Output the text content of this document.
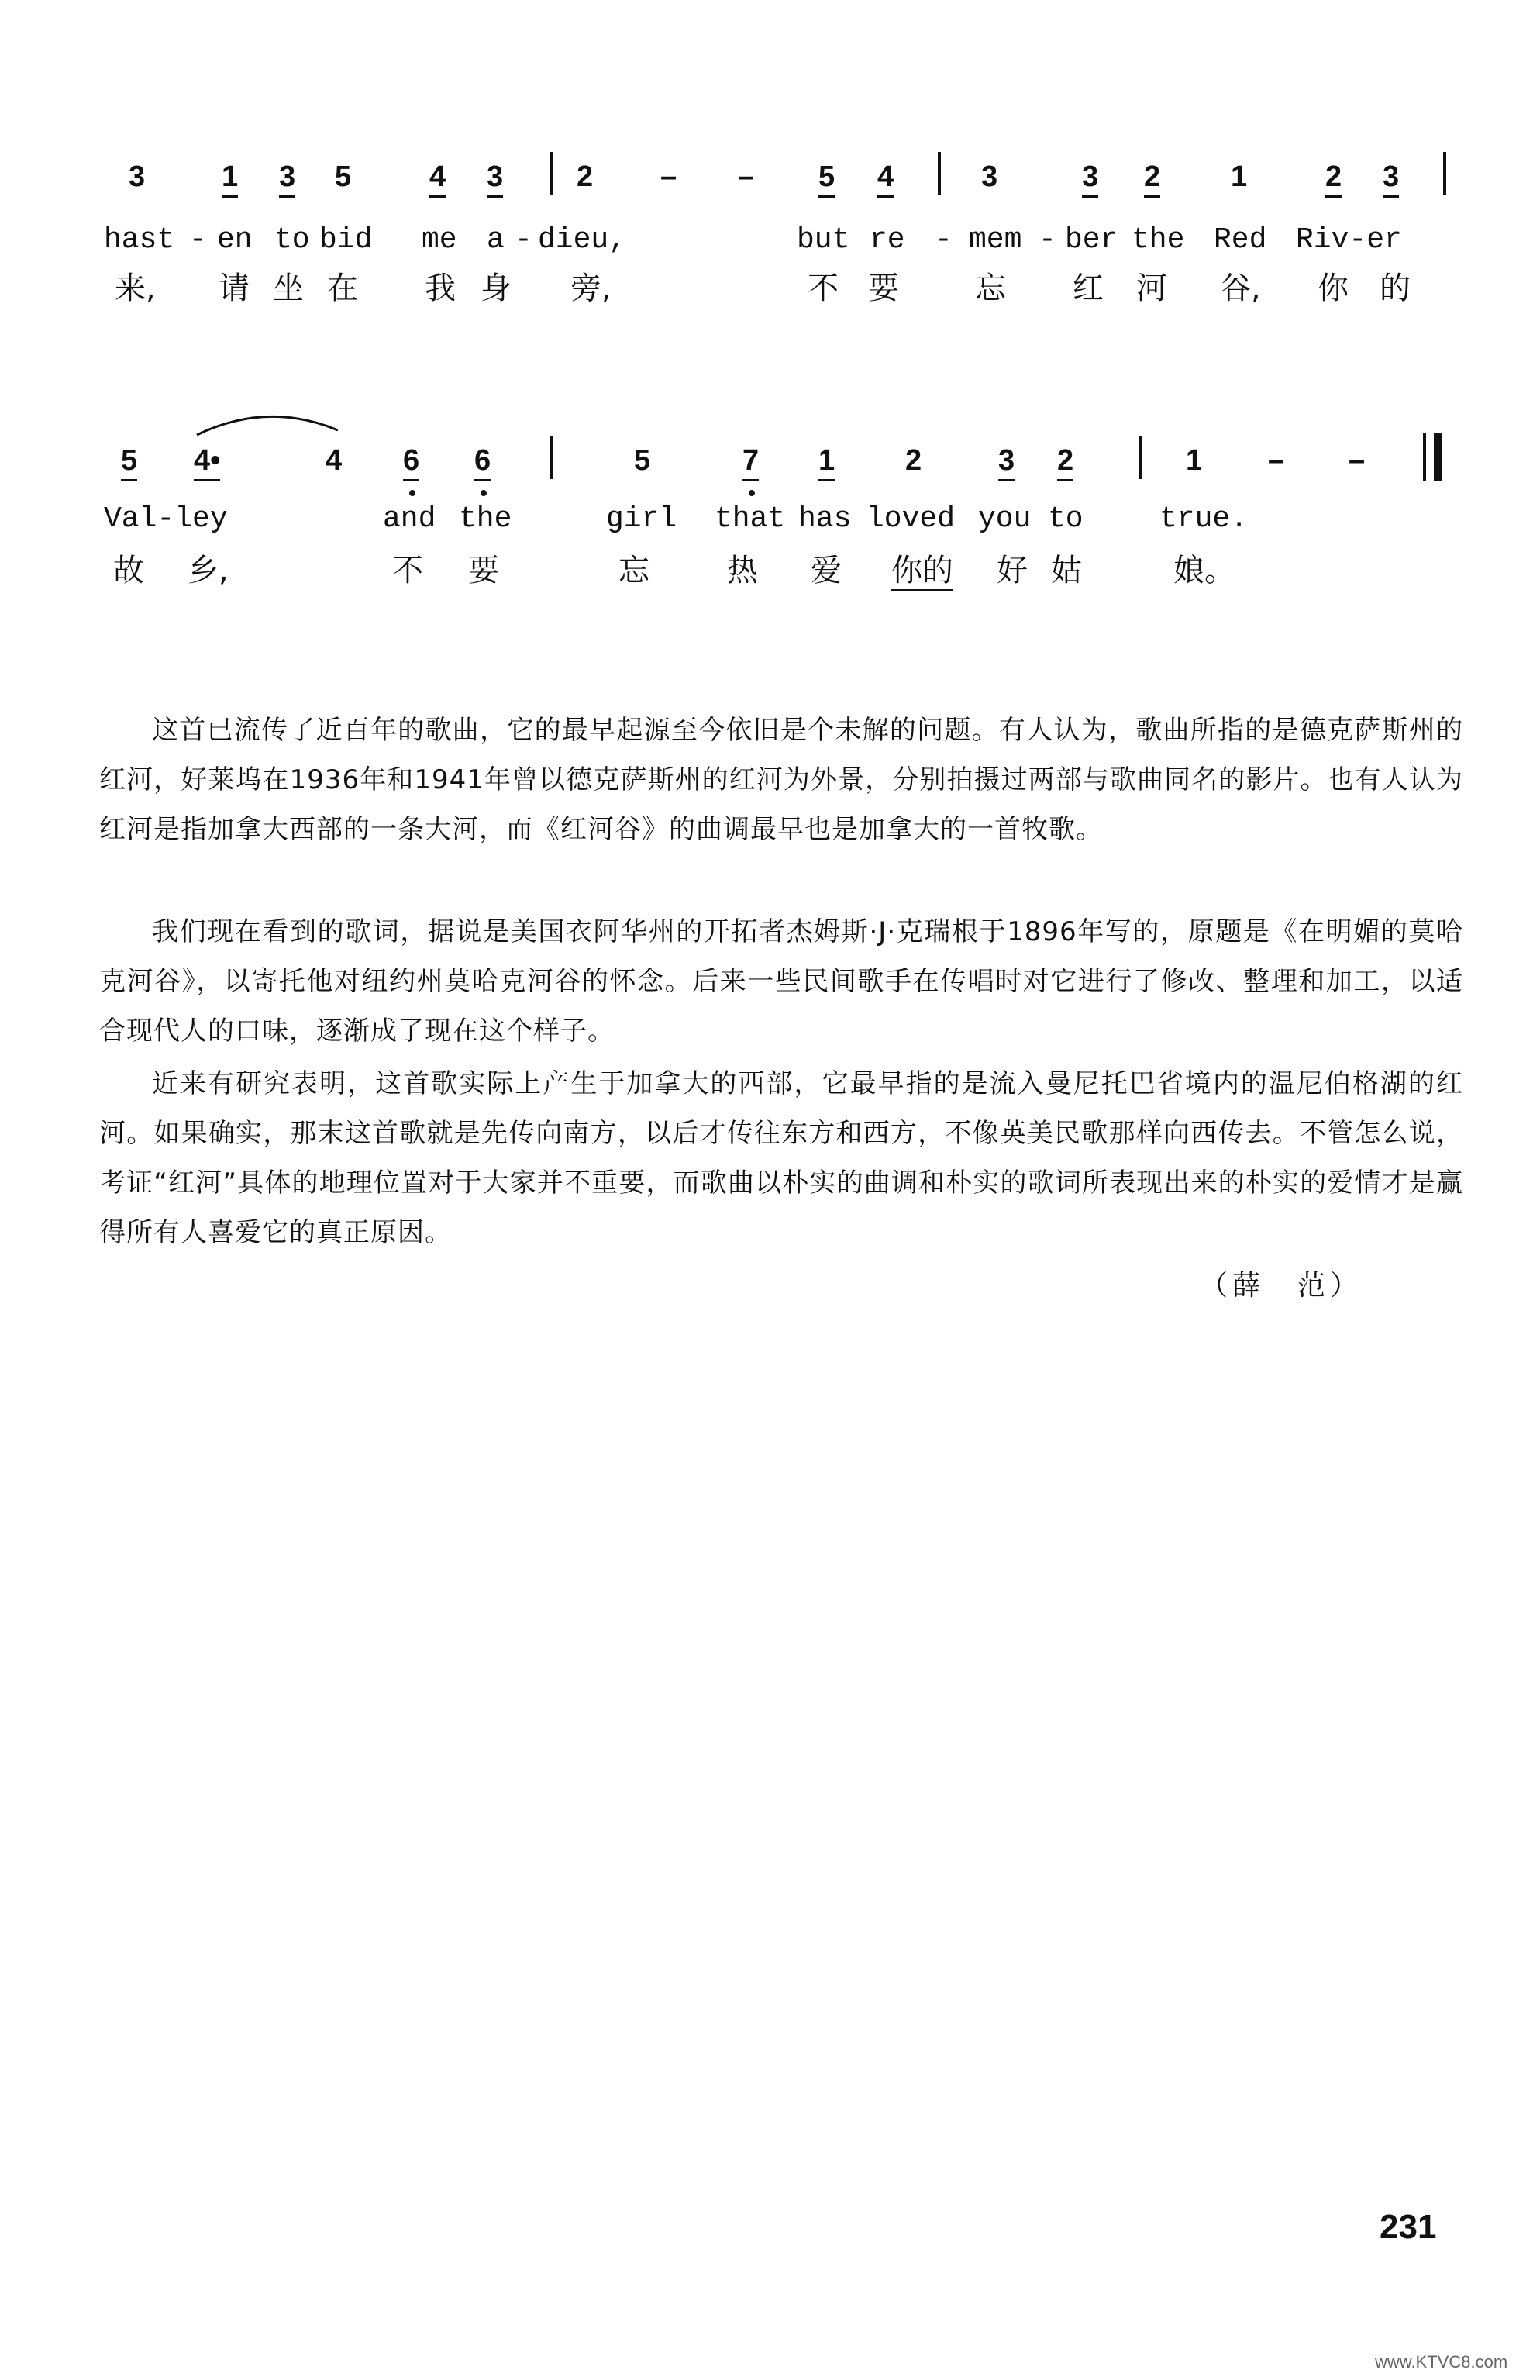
3	1 3 5	4 3 2 – – 5 4	3	3 2 1	2 3
hast - en to bid me a - dieu,	but re - mem - ber the Red Riv-er
来, 请 坐 在 我 身 旁,	不 要 忘 红 河 谷, 你 的
5 4•	4 6 6	5	7 1 2	3 2	1 – –
Val-ley	and the	girl that has loved you to	true.
故 乡,	不 要	忘	热 爱 你的 好 姑	娘。

这首已流传了近百年的歌曲，它的最早起源至今依旧是个未解的问题。有人认为，歌曲所指的是德克萨斯州的红河，好莱坞在1936年和1941年曾以德克萨斯州的红河为外景，分别拍摄过两部与歌曲同名的影片。也有人认为红河是指加拿大西部的一条大河，而《红河谷》的曲调最早也是加拿大的一首牧歌。

我们现在看到的歌词，据说是美国衣阿华州的开拓者杰姆斯·J·克瑞根于1896年写的，原题是《在明媚的莫哈克河谷》，以寄托他对纽约州莫哈克河谷的怀念。后来一些民间歌手在传唱时对它进行了修改、整理和加工，以适合现代人的口味，逐渐成了现在这个样子。

近来有研究表明，这首歌实际上产生于加拿大的西部，它最早指的是流入曼尼托巴省境内的温尼伯格湖的红河。如果确实，那末这首歌就是先传向南方，以后才传往东方和西方，不像英美民歌那样向西传去。不管怎么说，考证“红河”具体的地理位置对于大家并不重要，而歌曲以朴实的曲调和朴实的歌词所表现出来的朴实的爱情才是赢得所有人喜爱它的真正原因。

（薛　范）
231
www.KTVC8.com
